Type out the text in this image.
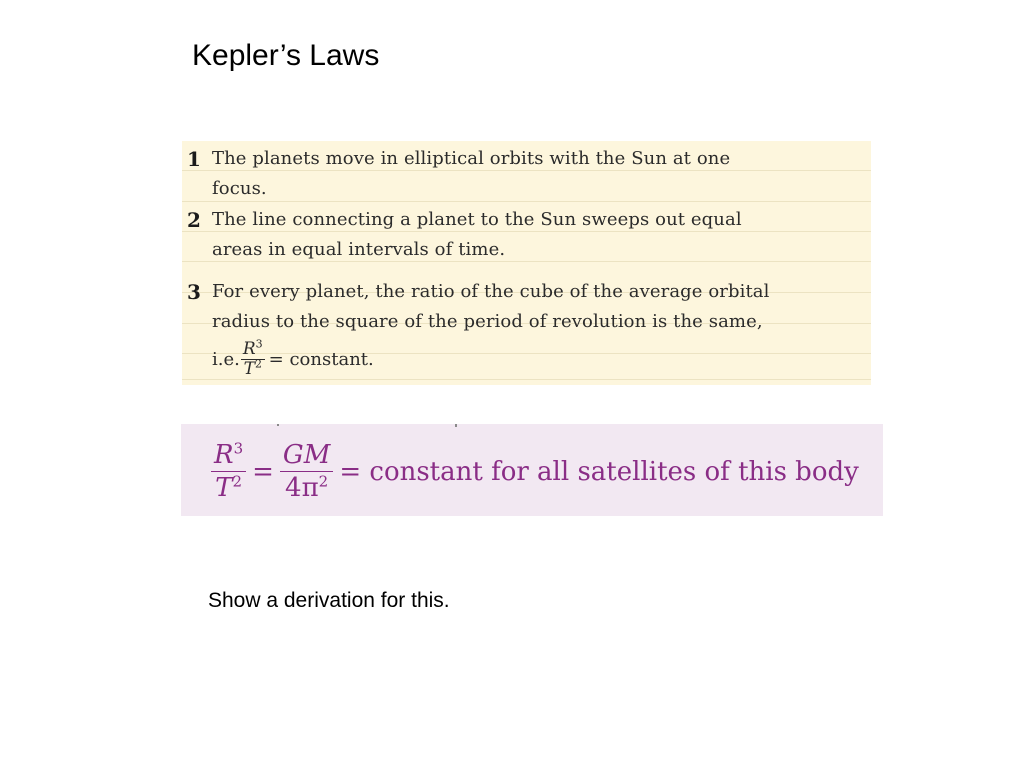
Kepler’s Laws
1 The planets move in elliptical orbits with the Sun at one
focus.
2 The line connecting a planet to the Sun sweeps out equal
areas in equal intervals of time.
3 For every planet, the ratio of the cube of the average orbital
radius to the square of the period of revolution is the same,
i.e. $\frac{R^3}{T^2}$ = constant.
$\frac{R^3}{T^2} = \frac{GM}{4\pi^2}$ = constant for all satellites of this body
Show a derivation for this.
